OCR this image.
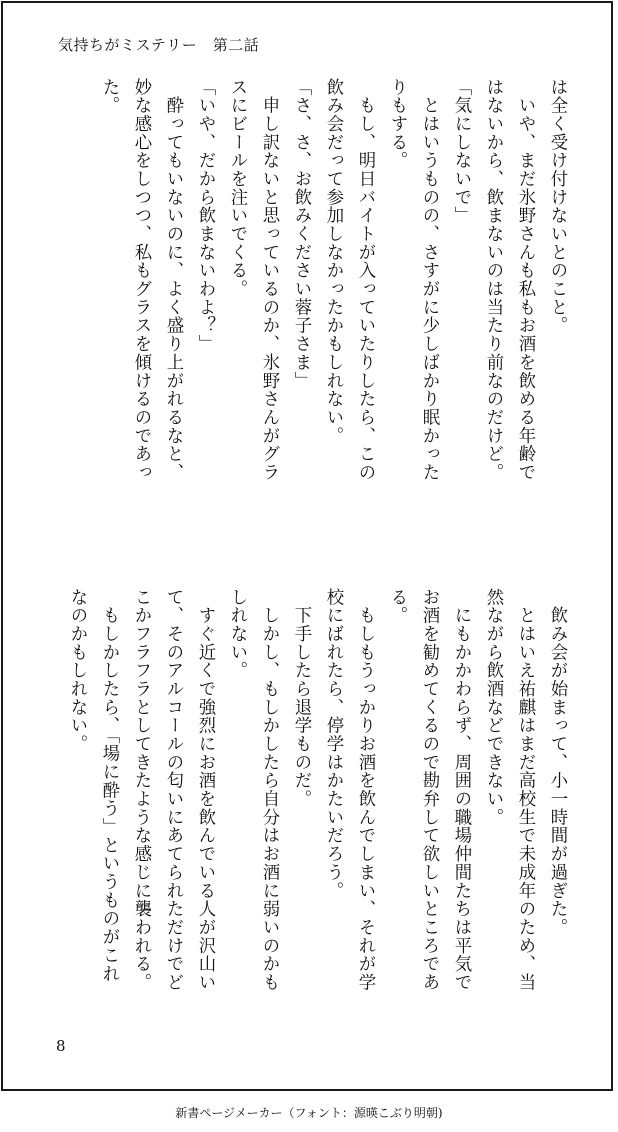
気持ちがミステリー　第二話
は全く受け付けないとのこと。
　いや、まだ氷野さんも私もお酒を飲める年齢で
はないから、飲まないのは当たり前なのだけど。
「気にしないで」
　とはいうものの、さすがに少しばかり眠かった
りもする。
　もし、明日バイトが入っていたりしたら、この
飲み会だって参加しなかったかもしれない。
「さ、さ、お飲みください蓉子さま」
　申し訳ないと思っているのか、氷野さんがグラ
スにビールを注いでくる。
「いや、だから飲まないわよ？」
　酔ってもいないのに、よく盛り上がれるなと、
妙な感心をしつつ、私もグラスを傾けるのであっ
た。
　飲み会が始まって、小一時間が過ぎた。
　とはいえ祐麒はまだ高校生で未成年のため、当
然ながら飲酒などできない。
　にもかかわらず、周囲の職場仲間たちは平気で
お酒を勧めてくるので勘弁して欲しいところであ
る。
　もしもうっかりお酒を飲んでしまい、それが学
校にばれたら、停学はかたいだろう。
　下手したら退学ものだ。
　しかし、もしかしたら自分はお酒に弱いのかも
しれない。
　すぐ近くで強烈にお酒を飲んでいる人が沢山い
て、そのアルコールの匂いにあてられただけでど
こかフラフラとしてきたような感じに襲われる。
　もしかしたら、「場に酔う」というものがこれ
なのかもしれない。
8
新書ページメーカー（フォント：源暎こぶり明朝)
